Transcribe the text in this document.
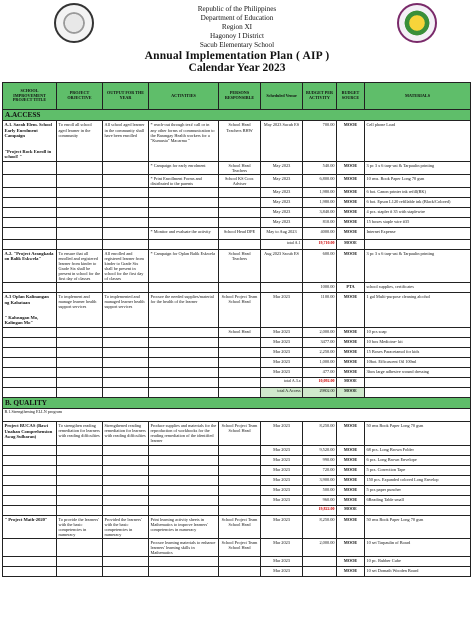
Republic of the Philippines
Department of Education
Region XI
Hagonoy I District
Sacub Elementary School
Annual Implementation Plan ( AIP )
Calendar Year 2023
SCHOOL IMPROVEMENT PROJECT TITLE	PROJECT OBJECTIVE	OUTPUT FOR THE YEAR	ACTIVITIES	PERSONS RESPONSIBLE	Scheduled Venue	BUDGET PER ACTIVITY	BUDGET SOURCE	MATERIALS
A.ACCESS								

A.1. Sarah Elem. School Early Enrolment Campaign
"Project Rock Enroll in school! "	To enroll all school aged learner in the community	All school aged learner in the community shall have been enrolled	* reach-out through text/ call or in any other forms of communication to the Barangay Health workers for a "Kumusta" Macarma "	School Head Teachers BHW	May 2023 Sacub ES	700.00	MOOE	Cell phone Load
			* Campaign for early enrolment	School Head Teachers	May 2023	540.00	MOOE	3 pc 3 x 6 tarp-ust & Tarpaulin printing
			* Print Enrollment Forms and distributed to the parents	School KS Coor. Adviser	May 2023	6,800.00	MOOE	10 rms. Book Paper Long 70 gsm
					May 2023	1,980.00	MOOE	6 bot. Canon printer ink refill(BK)
					May 2023	1,980.00	MOOE	6 bot. Epson L120 refillable ink (Black/Colored)
					May 2023	3,840.00	MOOE	4 pcs. stapler # 35 with staplewire
					May 2023	810.00	MOOE	15 boxes staple wire #35
			* Monitor and evaluate the activity	School Head DPE	May to Aug 2023	4000.00	MOOE	Internet Expense
					total A.1	19,710.00	MOOE	
A.2. "Project Arangkada on Balik Eskwela"	To ensure that all enrolled and registered learner from kinder to Grade Six shall be present in school for the first day of classes	All enrolled and registered learner from kinder to Grade Six shall be present in school for the first day of classes	* Campaign for Oplan Balik Eskwela	School Head Teachers	Aug 2023 Sacub ES	600.00	MOOE	3 pc 3 x 6 tarp-ust & Tarpaulin printing
						1000.00	PTA	school supplies, certificates

A.3 Oplan Kalinangan ng Kabataan
" Kalusugan Mo, Kalingan Mo"	To implement and manage learner health support services	To implemented and managed learner health support services	Procure the needed supplies/material for the health of the learner	School Project Team School Head	Mar 2023	1100.00	MOOE	1 gal Multi-purpose cleaning alcohol
				School Head	Mar 2023	2,000.00	MOOE	10 pcs soap
					Mar 2023	3477.00	MOOE	10 box Medicine- kit
					Mar 2023	2,250.00	MOOE	15 Boxes Paracetamol for kids
					Mar 2023	1,000.00	MOOE	10bot. Efficascent Oil 100ml
					Mar 2023	477.00	MOOE	3box large adhesive wound dressing
					total A.3.a	10,092.00	MOOE	
					total A.Access	29802.00	MOOE	
B. QUALITY								
B.1.Strengthening ELLN program								
Project BUCAS (Bawi Unahan Comprehension Awag Sulbaran)	To strengthen reading remediation for learners with reading difficulties	Strengthened reading remediation for learners with reading difficulties	Produce supplies and materials for the reproduction of workbooks for the reading remediation of the identified learner	School Project Team School Head	Mar 2023	8,250.00	MOOE	50 rms Book Paper Long 70 gsm
					Mar 2023	9,520.00	MOOE	68 pcs. Long Brown Folder
					Mar 2023	990.00	MOOE	6 pcs. Long Brown Envelope
					Mar 2023	720.00	MOOE	5 pcs. Correction Tape
					Mar 2023	3,900.00	MOOE	150 pcs. Expanded colored Long Envelop
					Mar 2023	500.00	MOOE	5 pcs paper puncher
					Mar 2023	960.00	MOOE	6Reading Table small
						19,822.00	MOOE	
" Project Math-2020"	To provide the learners' with the basic competencies in numeracy	Provided the learners' with the basic competencies in numeracy	Print learning activity sheets in Mathematics to improve learners' competencies in numeracy	School Project Team School Head	Mar 2023	8,250.00	MOOE	50 rms Book Paper Long 70 gsm
			Procure learning materials to enhance learners' learning skills in Mathematics	School Project Team School Head	Mar 2023	2,000.00	MOOE	10 set Tarpaulin of Board
					Mar 2023		MOOE	10 pc. Rubber Cube
					Mar 2023		MOOE	10 set Domath Wooden Board
